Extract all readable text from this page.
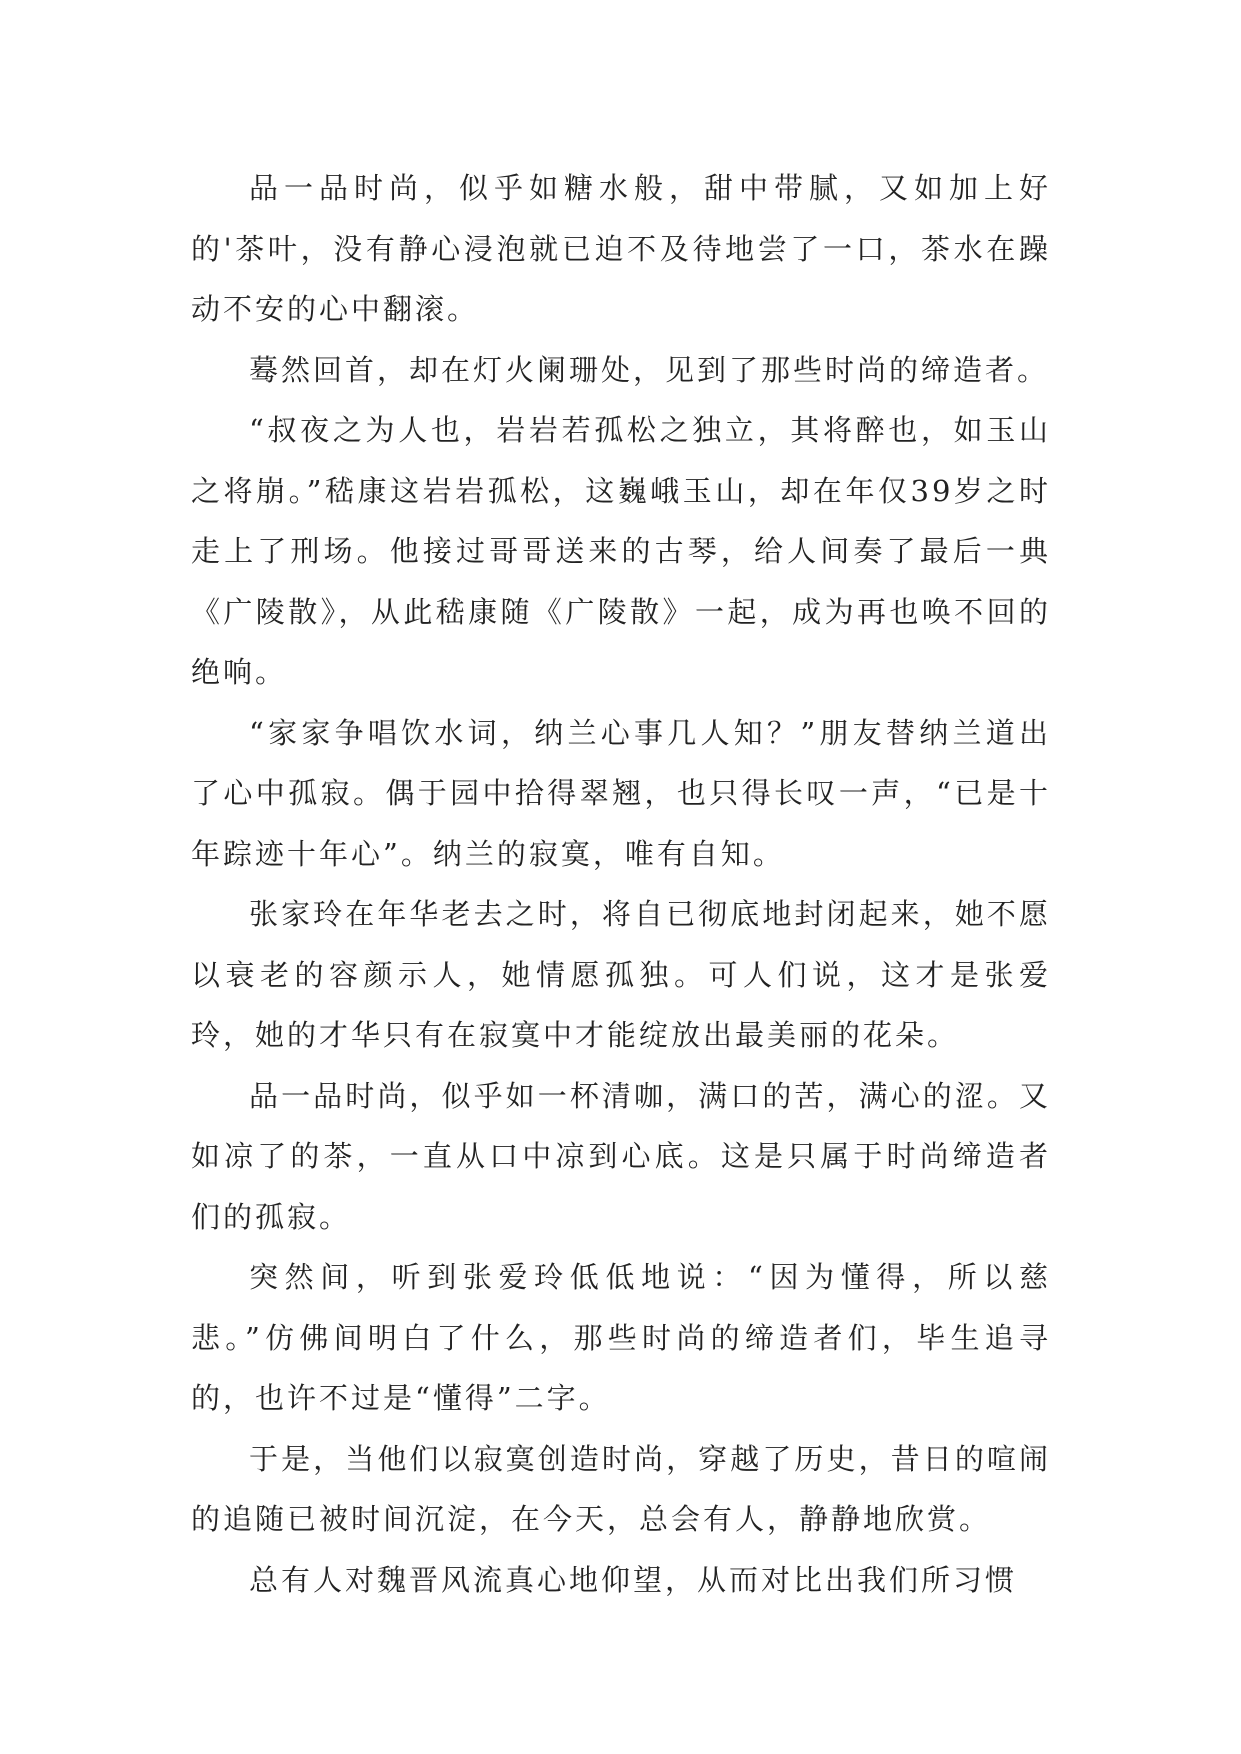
品一品时尚，似乎如糖水般，甜中带腻，又如加上好的'茶叶，没有静心浸泡就已迫不及待地尝了一口，茶水在躁动不安的心中翻滚。

蓦然回首，却在灯火阑珊处，见到了那些时尚的缔造者。

“叔夜之为人也，岩岩若孤松之独立，其将醉也，如玉山之将崩。”嵇康这岩岩孤松，这巍峨玉山，却在年仅39岁之时走上了刑场。他接过哥哥送来的古琴，给人间奏了最后一典《广陵散》，从此嵇康随《广陵散》一起，成为再也唤不回的绝响。

“家家争唱饮水词，纳兰心事几人知？”朋友替纳兰道出了心中孤寂。偶于园中拾得翠翘，也只得长叹一声，“已是十年踪迹十年心”。纳兰的寂寞，唯有自知。

张家玲在年华老去之时，将自已彻底地封闭起来，她不愿以衰老的容颜示人，她情愿孤独。可人们说，这才是张爱玲，她的才华只有在寂寞中才能绽放出最美丽的花朵。

品一品时尚，似乎如一杯清咖，满口的苦，满心的涩。又如凉了的茶，一直从口中凉到心底。这是只属于时尚缔造者们的孤寂。

突然间，听到张爱玲低低地说：“因为懂得，所以慈悲。”仿佛间明白了什么，那些时尚的缔造者们，毕生追寻的，也许不过是“懂得”二字。

于是，当他们以寂寞创造时尚，穿越了历史，昔日的喧闹的追随已被时间沉淀，在今天，总会有人，静静地欣赏。

总有人对魏晋风流真心地仰望，从而对比出我们所习惯
